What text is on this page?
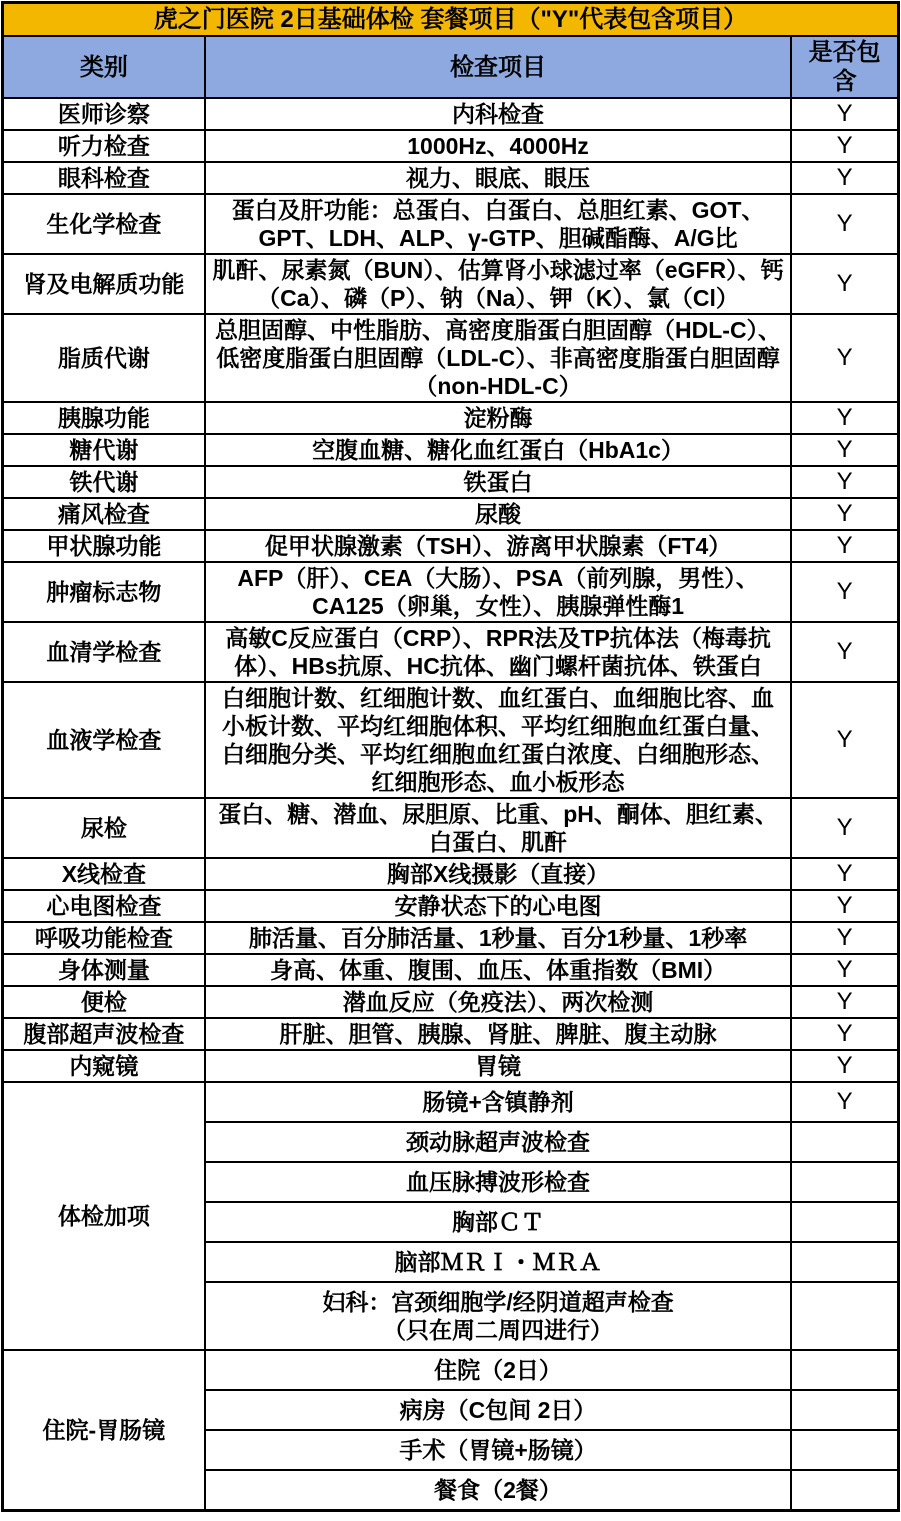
虎之门医院 2日基础体检 套餐项目（"Y"代表包含项目）		
类别	检查项目	是否包含
医师诊察	内科检查	Y
听力检查	1000Hz、4000Hz	Y
眼科检查	视力、眼底、眼压	Y
生化学检查	蛋白及肝功能：总蛋白、白蛋白、总胆红素、GOT、GPT、LDH、ALP、γ-GTP、胆碱酯酶、A/G比	Y
肾及电解质功能	肌酐、尿素氮（BUN）、估算肾小球滤过率（eGFR）、钙（Ca）、磷（P）、钠（Na）、钾（K）、氯（Cl）	Y
脂质代谢	总胆固醇、中性脂肪、高密度脂蛋白胆固醇（HDL-C）、低密度脂蛋白胆固醇（LDL-C）、非高密度脂蛋白胆固醇（non-HDL-C）	Y
胰腺功能	淀粉酶	Y
糖代谢	空腹血糖、糖化血红蛋白（HbA1c）	Y
铁代谢	铁蛋白	Y
痛风检查	尿酸	Y
甲状腺功能	促甲状腺激素（TSH）、游离甲状腺素（FT4）	Y
肿瘤标志物	AFP（肝）、CEA（大肠）、PSA（前列腺，男性）、CA125（卵巢，女性）、胰腺弹性酶1	Y
血清学检查	高敏C反应蛋白（CRP）、RPR法及TP抗体法（梅毒抗体）、HBs抗原、HC抗体、幽门螺杆菌抗体、铁蛋白	Y
血液学检查	白细胞计数、红细胞计数、血红蛋白、血细胞比容、血小板计数、平均红细胞体积、平均红细胞血红蛋白量、白细胞分类、平均红细胞血红蛋白浓度、白细胞形态、红细胞形态、血小板形态	Y
尿检	蛋白、糖、潜血、尿胆原、比重、pH、酮体、胆红素、白蛋白、肌酐	Y
X线检查	胸部X线摄影（直接）	Y
心电图检查	安静状态下的心电图	Y
呼吸功能检查	肺活量、百分肺活量、1秒量、百分1秒量、1秒率	Y
身体测量	身高、体重、腹围、血压、体重指数（BMI）	Y
便检	潜血反应（免疫法）、两次检测	Y
腹部超声波检查	肝脏、胆管、胰腺、肾脏、脾脏、腹主动脉	Y
内窥镜	胃镜	Y
体检加项	肠镜+含镇静剂	Y
	颈动脉超声波检查	
	血压脉搏波形检查	
	胸部ＣＴ	
	脑部ＭＲＩ・ＭＲＡ	
	妇科：宫颈细胞学/经阴道超声检查
（只在周二周四进行）	
住院-胃肠镜	住院（2日）	
	病房（C包间 2日）	
	手术（胃镜+肠镜）	
	餐食（2餐）	
